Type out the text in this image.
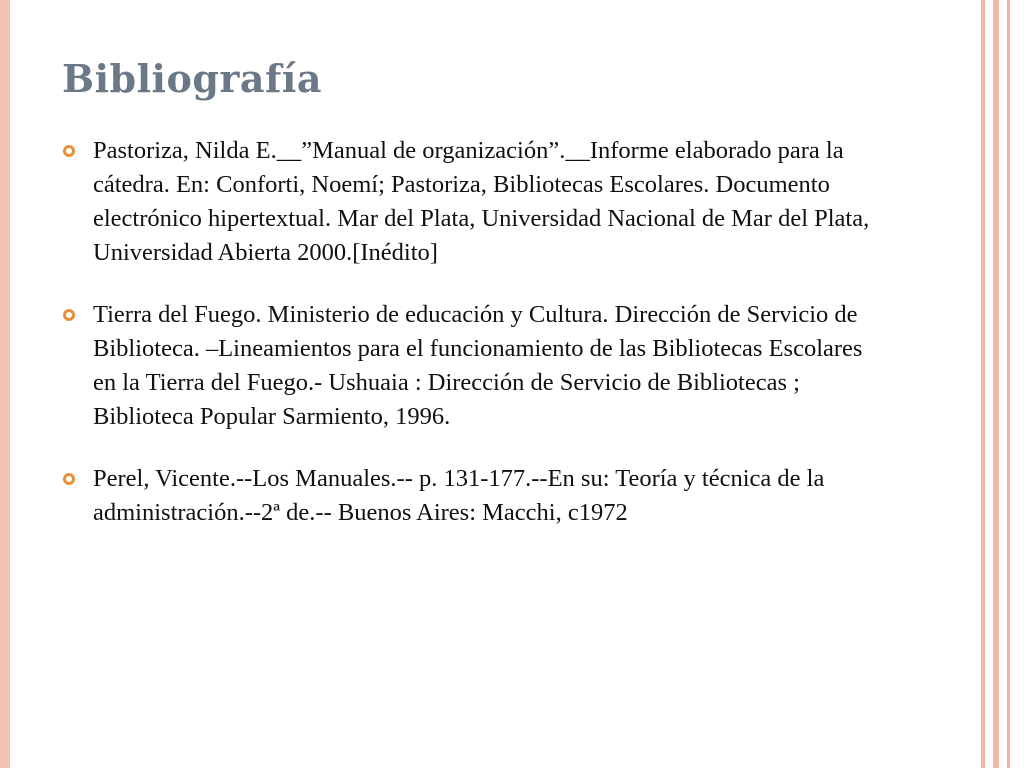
Bibliografía
Pastoriza, Nilda E.__”Manual de organización”.__Informe elaborado para la cátedra. En: Conforti, Noemí; Pastoriza, Bibliotecas Escolares. Documento electrónico hipertextual. Mar del Plata, Universidad Nacional de Mar del Plata, Universidad Abierta 2000.[Inédito]
Tierra del Fuego. Ministerio de educación y Cultura. Dirección de Servicio de Biblioteca. –Lineamientos para el funcionamiento de las Bibliotecas Escolares en la Tierra del Fuego.- Ushuaia : Dirección de Servicio de Bibliotecas ; Biblioteca Popular Sarmiento, 1996.
Perel, Vicente.--Los Manuales.-- p. 131-177.--En su: Teoría y técnica de la administración.--2ª de.-- Buenos Aires: Macchi, c1972
